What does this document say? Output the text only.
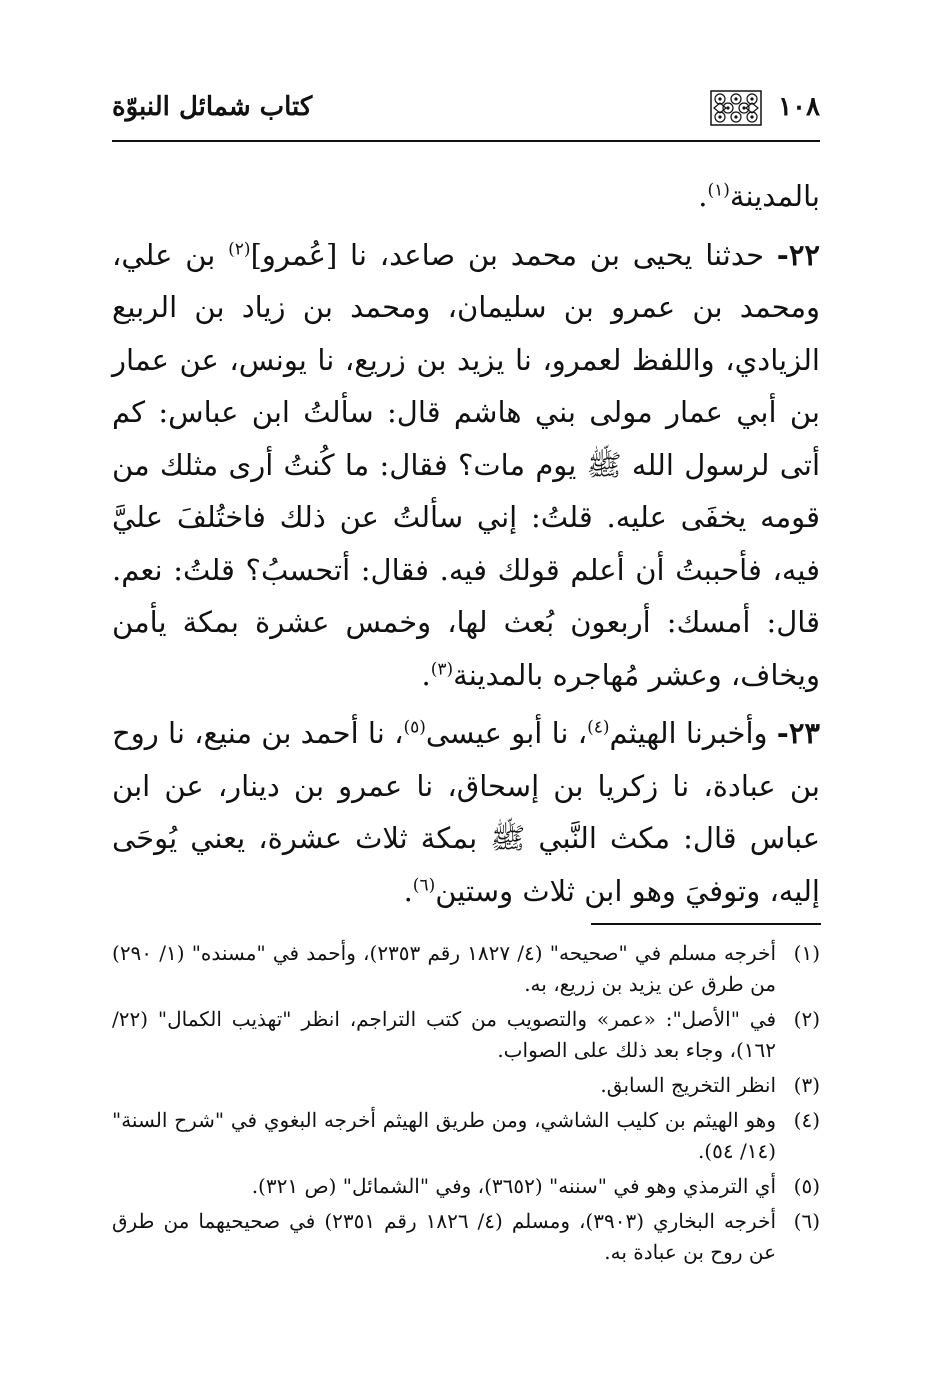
١٠٨
كتاب شمائل النبوّة

بالمدينة$^{(١)}$.

٢٢- حدثنا يحيى بن محمد بن صاعد، نا [عُمرو]$^{(٢)}$ بن علي، ومحمد بن عمرو بن سليمان، ومحمد بن زياد بن الربيع الزيادي، واللفظ لعمرو، نا يزيد بن زريع، نا يونس، عن عمار بن أبي عمار مولى بني هاشم قال: سألتُ ابن عباس: كم أتى لرسول الله ﷺ يوم مات؟ فقال: ما كُنتُ أرى مثلك من قومه يخفَى عليه. قلتُ: إني سألتُ عن ذلك فاختُلفَ عليَّ فيه، فأحببتُ أن أعلم قولك فيه. فقال: أتحسبُ؟ قلتُ: نعم. قال: أمسك: أربعون بُعث لها، وخمس عشرة بمكة يأمن ويخاف، وعشر مُهاجره بالمدينة$^{(٣)}$.

٢٣- وأخبرنا الهيثم$^{(٤)}$، نا أبو عيسى$^{(٥)}$، نا أحمد بن منيع، نا روح بن عبادة، نا زكريا بن إسحاق، نا عمرو بن دينار، عن ابن عباس قال: مكث النَّبي ﷺ بمكة ثلاث عشرة، يعني يُوحَى إليه، وتوفيَ وهو ابن ثلاث وستين$^{(٦)}$.

(١)
أخرجه مسلم في "صحيحه" (٤/ ١٨٢٧ رقم ٢٣٥٣)، وأحمد في "مسنده" (١/ ٢٩٠) من طرق عن يزيد بن زريع، به.
(٢)
في "الأصل": «عمر» والتصويب من كتب التراجم، انظر "تهذيب الكمال" (٢٢/ ١٦٢)، وجاء بعد ذلك على الصواب.
(٣)
انظر التخريج السابق.
(٤)
وهو الهيثم بن كليب الشاشي، ومن طريق الهيثم أخرجه البغوي في "شرح السنة" (١٤/ ٥٤).
(٥)
أي الترمذي وهو في "سننه" (٣٦٥٢)، وفي "الشمائل" (ص ٣٢١).
(٦)
أخرجه البخاري (٣٩٠٣)، ومسلم (٤/ ١٨٢٦ رقم ٢٣٥١) في صحيحيهما من طرق عن روح بن عبادة به.
